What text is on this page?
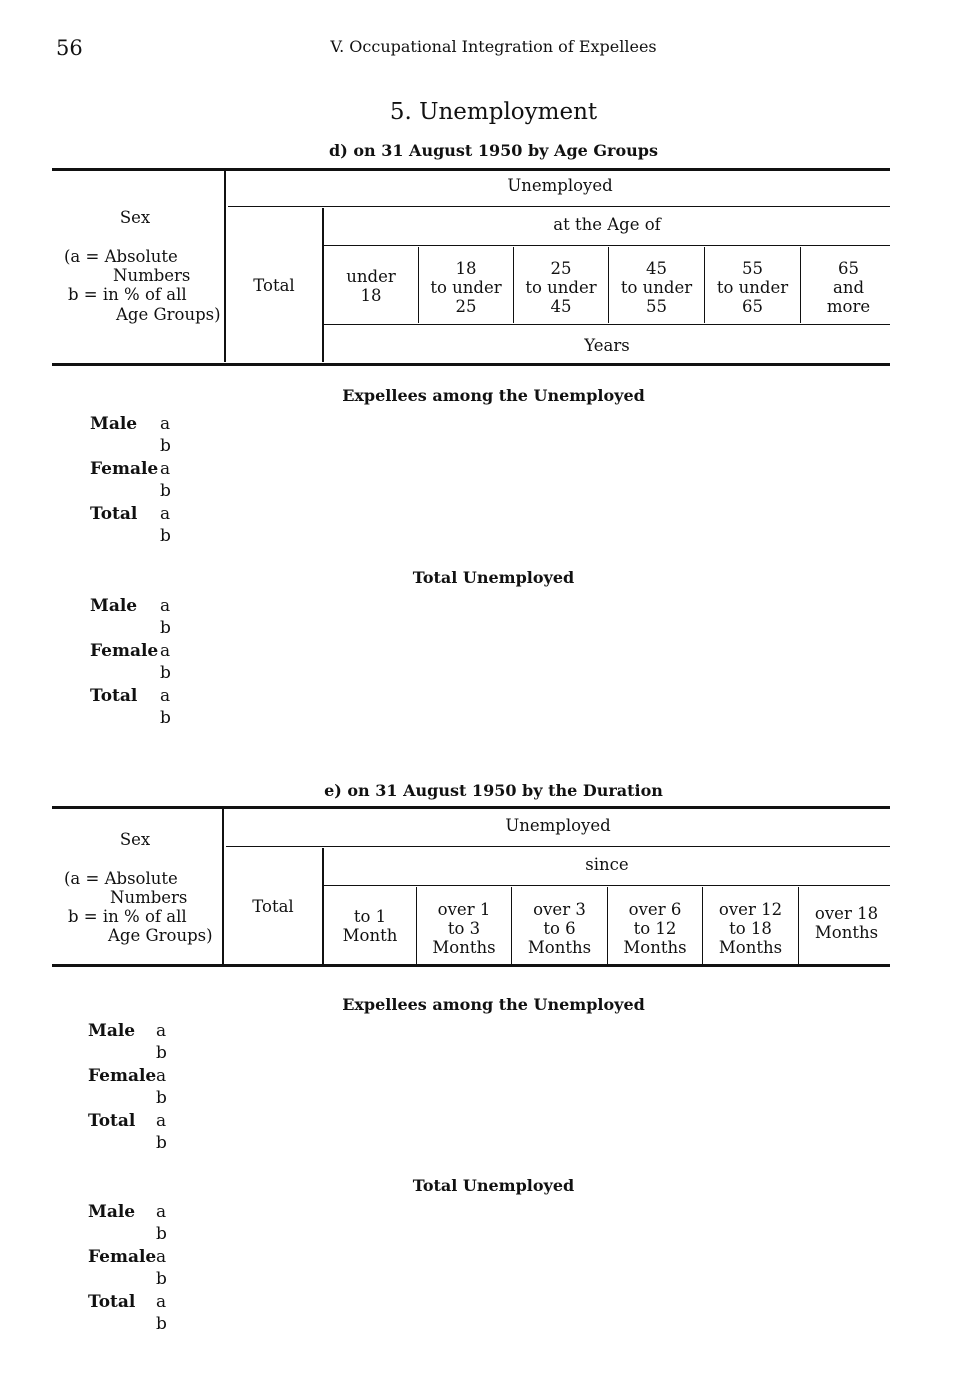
56	V. Occupational Integration of Expellees
5. Unemployment
d) on 31 August 1950 by Age Groups
Sex
(a = Absolute
Numbers
b = in % of all
Age Groups)
Unemployed
Total
at the Age of
Years
under
18
18
to under
25
25
to under
45
45
to under
55
55
to under
65
65
and
more
Expellees among the Unemployed
Male a
b
Female a
b
Total a
b
Total Unemployed
Male a
b
Female a
b
Total a
b
e) on 31 August 1950 by the Duration
Sex
(a = Absolute
Numbers
b = in % of all
Age Groups)
Unemployed
Total
since
to 1
Month
over 1
to 3
Months
over 3
to 6
Months
over 6
to 12
Months
over 12
to 18
Months
over 18
Months
Expellees among the Unemployed
Male a
b
Female a
b
Total a
b
Total Unemployed
Male a
b
Female a
b
Total a
b
